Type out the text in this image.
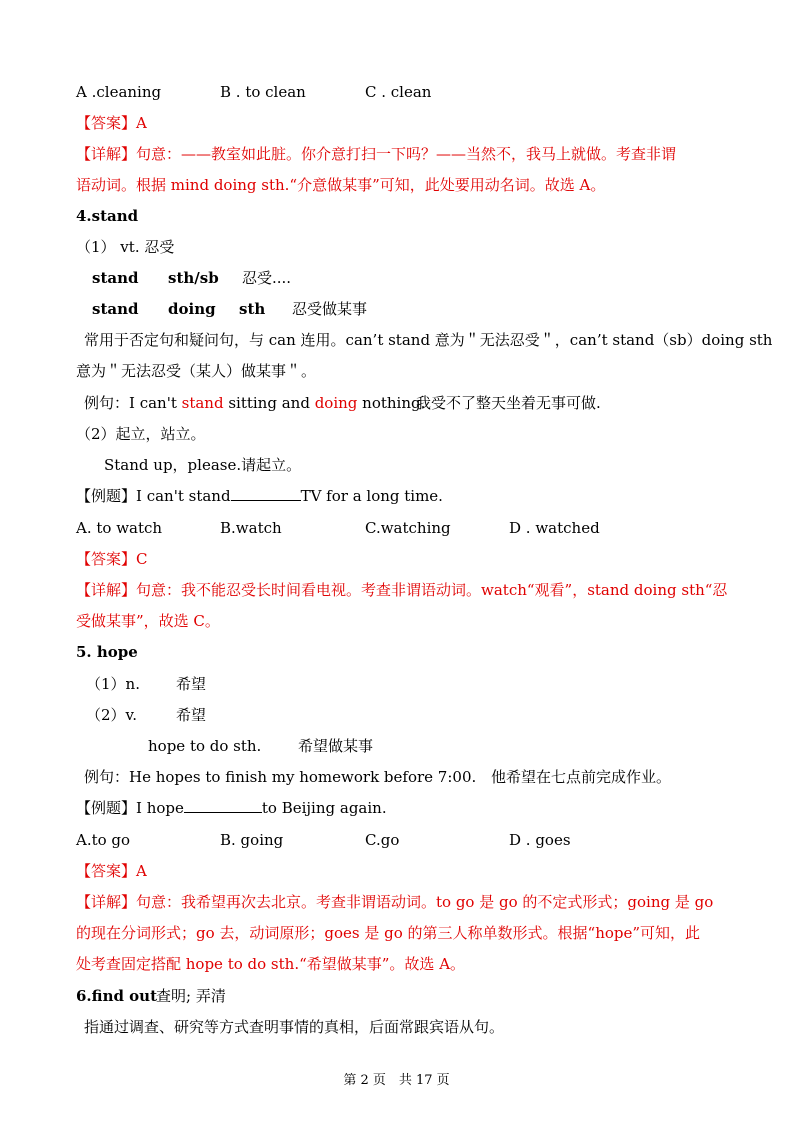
A .cleaning	B . to clean	C . clean
【答案】A
【详解】句意：——教室如此脏。你介意打扫一下吗？——当然不，我马上就做。考查非谓
语动词。根据 mind doing sth.“介意做某事”可知，此处要用动名词。故选 A。
4.stand
（1） vt. 忍受
stand sth/sb 忍受....
stand doing sth 忍受做某事
常用于否定句和疑问句，与 can 连用。can’t stand 意为＂无法忍受＂，can’t stand（sb）doing sth
意为＂无法忍受（某人）做某事＂。
例句：I can't stand sitting and doing nothing.
我受不了整天坐着无事可做.
（2）起立，站立。
Stand up，please.请起立。
【例题】I can't stand	TV for a long time.
A. to watch	B.watch	C.watching	D . watched
【答案】C
【详解】句意：我不能忍受长时间看电视。考查非谓语动词。watch“观看”，stand doing sth“忍
受做某事”，故选 C。
5. hope
（1）n. 希望
（2）v.	希望
hope to do sth. 希望做某事
例句：He hopes to finish my homework before 7:00. 他希望在七点前完成作业。
【例题】I hope	to Beijing again.
A.to go	B. going	C.go	D . goes
【答案】A
【详解】句意：我希望再次去北京。考查非谓语动词。to go 是 go 的不定式形式；going 是 go
的现在分词形式；go 去，动词原形；goes 是 go 的第三人称单数形式。根据“hope”可知，此
处考查固定搭配 hope to do sth.“希望做某事”。故选 A。
6.find out
查明; 弄清
指通过调查、研究等方式查明事情的真相，后面常跟宾语从句。
第 2 页　共 17 页
